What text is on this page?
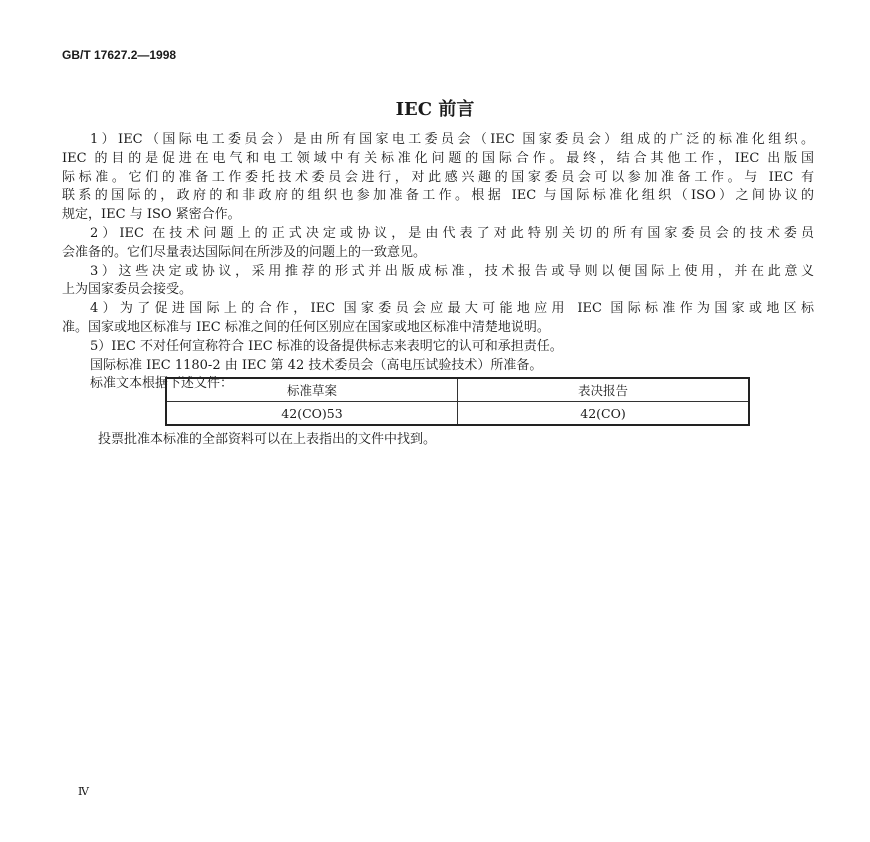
GB/T 17627.2—1998
IEC 前言
1）IEC（国际电工委员会）是由所有国家电工委员会（IEC 国家委员会）组成的广泛的标准化组织。
IEC 的目的是促进在电气和电工领域中有关标准化问题的国际合作。最终，结合其他工作，IEC 出版国
际标准。它们的准备工作委托技术委员会进行，对此感兴趣的国家委员会可以参加准备工作。与 IEC 有
联系的国际的，政府的和非政府的组织也参加准备工作。根据 IEC 与国际标准化组织（ISO）之间协议的
规定，IEC 与 ISO 紧密合作。
2）IEC 在技术问题上的正式决定或协议，是由代表了对此特别关切的所有国家委员会的技术委员
会准备的。它们尽量表达国际间在所涉及的问题上的一致意见。
3）这些决定或协议，采用推荐的形式并出版成标准，技术报告或导则以便国际上使用，并在此意义
上为国家委员会接受。
4）为了促进国际上的合作，IEC 国家委员会应最大可能地应用 IEC 国际标准作为国家或地区标
准。国家或地区标准与 IEC 标准之间的任何区别应在国家或地区标准中清楚地说明。
5）IEC 不对任何宣称符合 IEC 标准的设备提供标志来表明它的认可和承担责任。
国际标准 IEC 1180-2 由 IEC 第 42 技术委员会（高电压试验技术）所准备。
标准文本根据下述文件：	标准草案	表决报告
42(CO)53	42(CO)
投票批准本标准的全部资料可以在上表指出的文件中找到。
Ⅳ
